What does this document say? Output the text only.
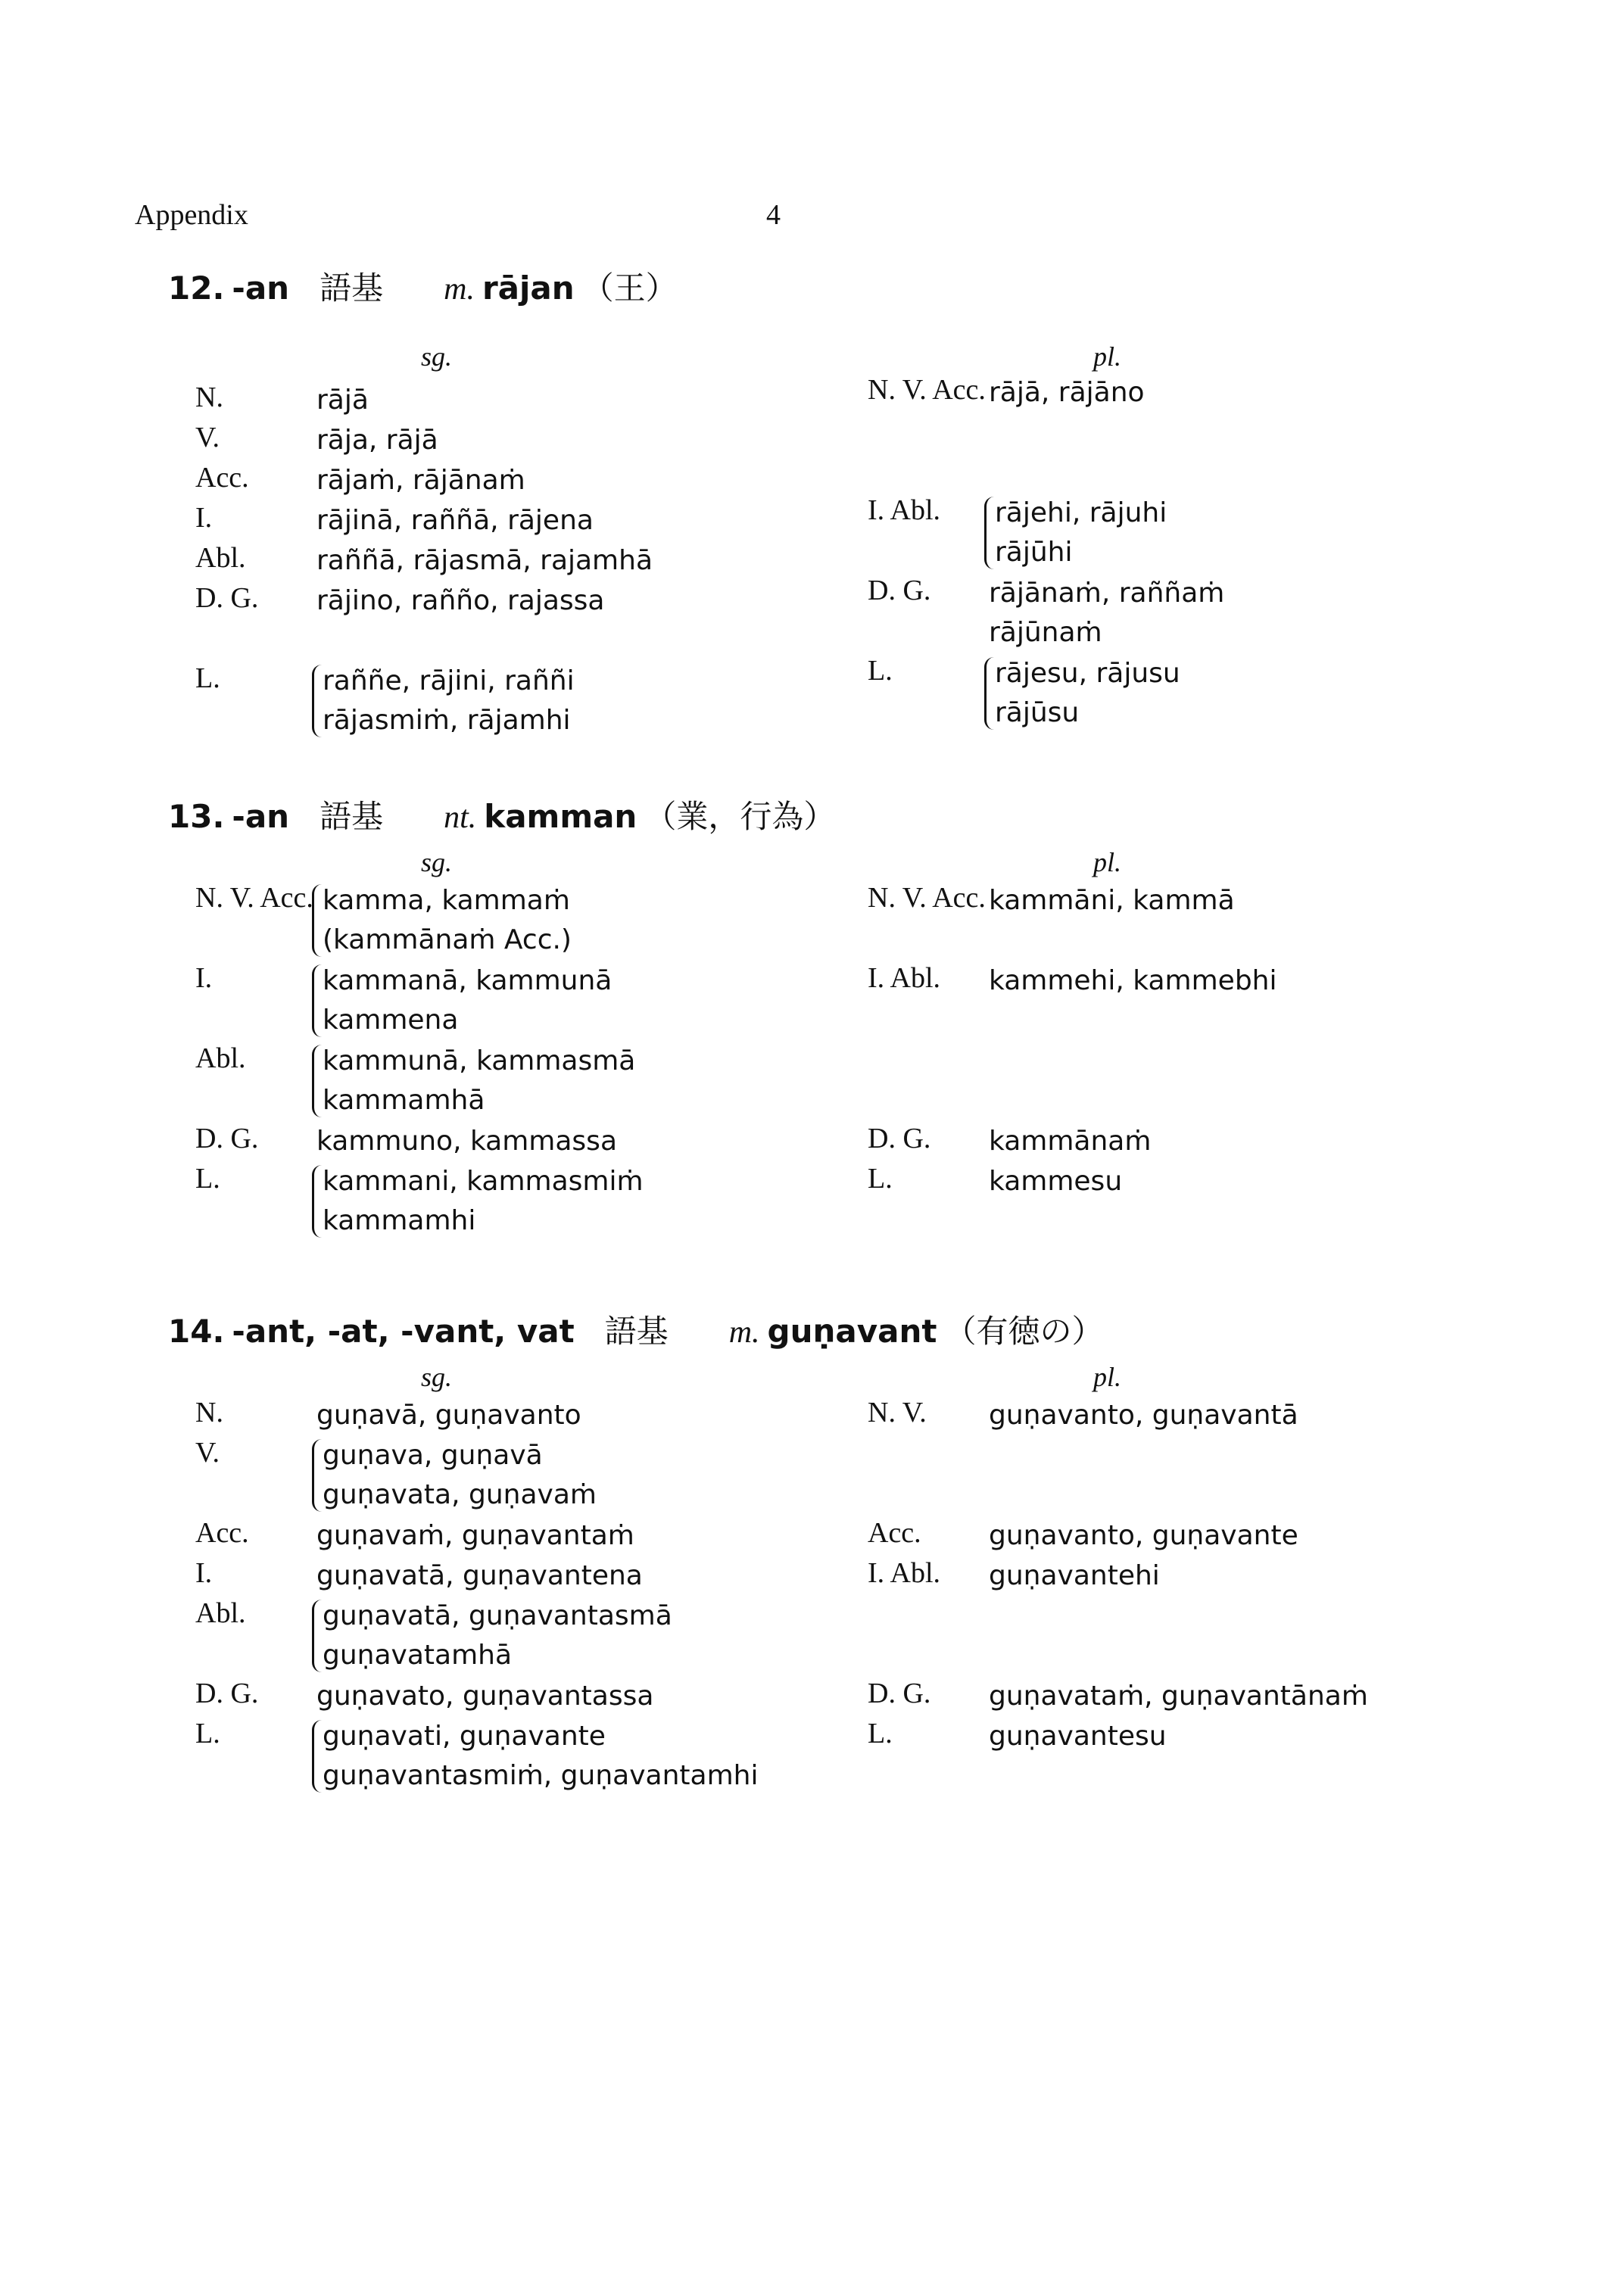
Appendix	4
12. -an 語基 m. rājan （王）
sg.	pl.
N.	rājā
V.	rāja, rājā
Acc. rājaṁ, rājānaṁ
I.	rājinā, raññā, rājena
Abl.	raññā, rājasmā, rajamhā
D. G. rājino, rañño, rajassa
L.	raññe, rājini, raññi
rājasmiṁ, rājamhi
N. V. Acc. rājā, rājāno
I. Abl. rājehi, rājuhi
rājūhi
D. G. rājānaṁ, raññaṁ
rājūnaṁ
L.	rājesu, rājusu
rājūsu
13. -an 語基 nt. kamman （業，行為）
sg.	pl.
N. V. Acc. kamma, kammaṁ
(kammānaṁ Acc.)
I.	kammanā, kammunā
kammena
Abl.	kammunā, kammasmā
kammamhā
D. G. kammuno, kammassa
L.	kammani, kammasmiṁ
kammamhi
N. V. Acc. kammāni, kammā
I. Abl. kammehi, kammebhi
D. G. kammānaṁ
L.	kammesu
14. -ant, -at, -vant, vat 語基 m. guṇavant （有徳の）
sg.	pl.
N.	guṇavā, guṇavanto
V.	guṇava, guṇavā
guṇavata, guṇavaṁ
Acc. guṇavaṁ, guṇavantaṁ
I.	guṇavatā, guṇavantena
Abl.	guṇavatā, guṇavantasmā
guṇavatamhā
D. G. guṇavato, guṇavantassa
L.	guṇavati, guṇavante
guṇavantasmiṁ, guṇavantamhi
N. V. guṇavanto, guṇavantā
Acc. guṇavanto, guṇavante
I. Abl. guṇavantehi
D. G. guṇavataṁ, guṇavantānaṁ
L.	guṇavantesu
